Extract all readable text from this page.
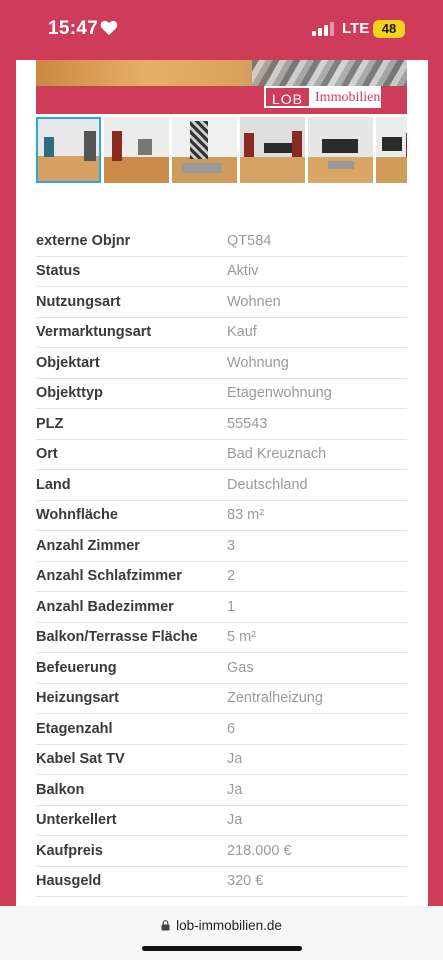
15:47	LTE 48
LOB Immobilien
externe Objnr	QT584
Status	Aktiv
Nutzungsart	Wohnen
Vermarktungsart	Kauf
Objektart	Wohnung
Objekttyp	Etagenwohnung
PLZ	55543
Ort	Bad Kreuznach
Land	Deutschland
Wohnfläche	83 m²
Anzahl Zimmer	3
Anzahl Schlafzimmer	2
Anzahl Badezimmer	1
Balkon/Terrasse Fläche	5 m²
Befeuerung	Gas
Heizungsart	Zentralheizung
Etagenzahl	6
Kabel Sat TV	Ja
Balkon	Ja
Unterkellert	Ja
Kaufpreis	218.000 €
Hausgeld	320 €
lob-immobilien.de
